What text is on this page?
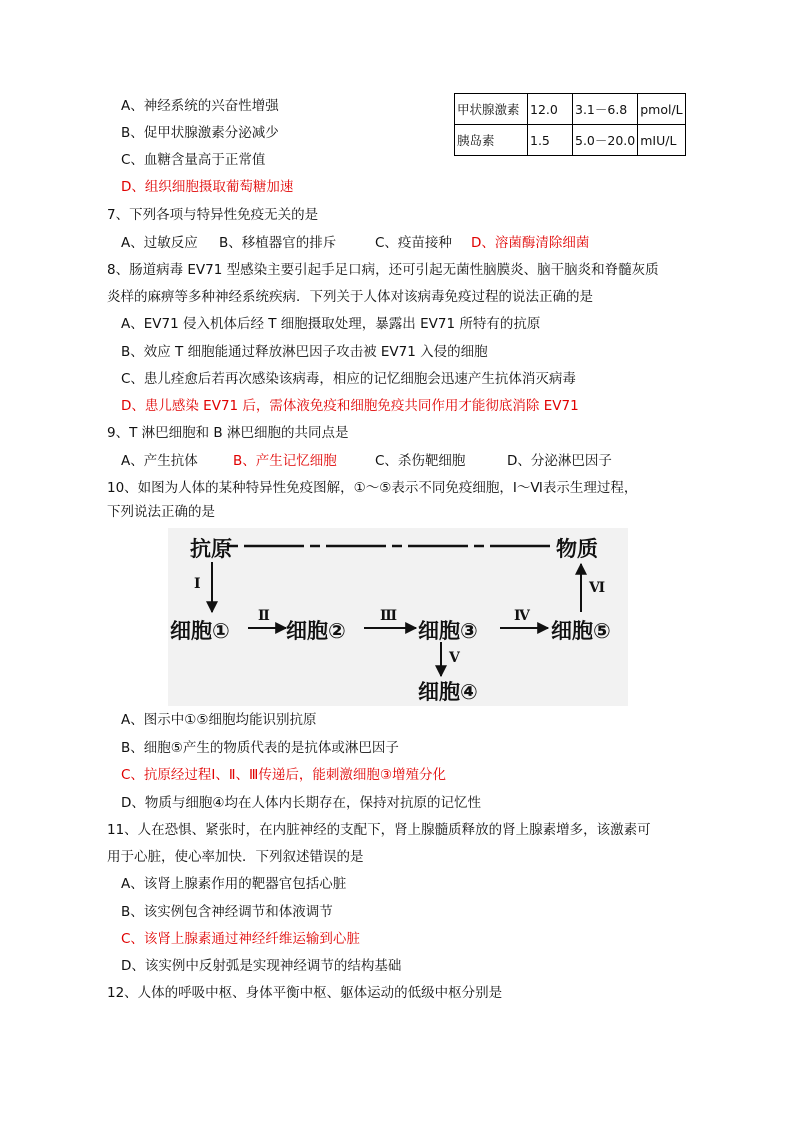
A、神经系统的兴奋性增强
B、促甲状腺激素分泌减少
C、血糖含量高于正常值
D、组织细胞摄取葡萄糖加速
甲状腺激素	12.0	3.1－6.8	pmol/L
胰岛素	1.5	5.0－20.0	mIU/L
7、下列各项与特异性免疫无关的是
A、过敏反应 B、移植器官的排斥	C、疫苗接种 D、溶菌酶清除细菌
8、肠道病毒 EV71 型感染主要引起手足口病，还可引起无菌性脑膜炎、脑干脑炎和脊髓灰质
炎样的麻痹等多种神经系统疾病．下列关于人体对该病毒免疫过程的说法正确的是
A、EV71 侵入机体后经 T 细胞摄取处理，暴露出 EV71 所特有的抗原
B、效应 T 细胞能通过释放淋巴因子攻击被 EV71 入侵的细胞
C、患儿痊愈后若再次感染该病毒，相应的记忆细胞会迅速产生抗体消灭病毒
D、患儿感染 EV71 后，需体液免疫和细胞免疫共同作用才能彻底消除 EV71
9、T 淋巴细胞和 B 淋巴细胞的共同点是
A、产生抗体	B、产生记忆细胞	C、杀伤靶细胞	D、分泌淋巴因子
10、如图为人体的某种特异性免疫图解，①～⑤表示不同免疫细胞，Ⅰ～Ⅵ表示生理过程，
下列说法正确的是
抗原	物质
细胞①	细胞②	细胞③	细胞⑤
细胞④
Ⅰ
Ⅱ	Ⅲ	Ⅳ
Ⅴ
Ⅵ
A、图示中①⑤细胞均能识别抗原
B、细胞⑤产生的物质代表的是抗体或淋巴因子
C、抗原经过程Ⅰ、Ⅱ、Ⅲ传递后，能刺激细胞③增殖分化
D、物质与细胞④均在人体内长期存在，保持对抗原的记忆性
11、人在恐惧、紧张时，在内脏神经的支配下，肾上腺髓质释放的肾上腺素增多，该激素可
用于心脏，使心率加快．下列叙述错误的是
A、该肾上腺素作用的靶器官包括心脏
B、该实例包含神经调节和体液调节
C、该肾上腺素通过神经纤维运输到心脏
D、该实例中反射弧是实现神经调节的结构基础
12、人体的呼吸中枢、身体平衡中枢、躯体运动的低级中枢分别是
